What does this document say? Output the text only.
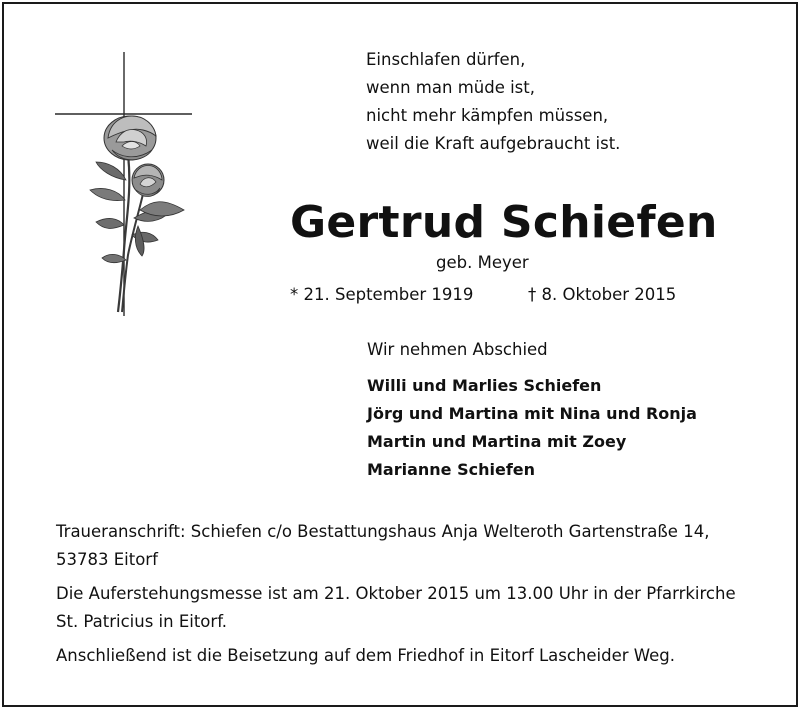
Einschlafen dürfen,
wenn man müde ist,
nicht mehr kämpfen müssen,
weil die Kraft aufgebraucht ist.
Gertrud Schiefen
geb. Meyer
* 21. September 1919	† 8. Oktober 2015
Wir nehmen Abschied
Willi und Marlies Schiefen
Jörg und Martina mit Nina und Ronja
Martin und Martina mit Zoey
Marianne Schiefen

Traueranschrift: Schiefen c/o Bestattungshaus Anja Welteroth Gartenstraße 14,
53783 Eitorf

Die Auferstehungsmesse ist am 21. Oktober 2015 um 13.00 Uhr in der Pfarrkirche
St. Patricius in Eitorf.

Anschließend ist die Beisetzung auf dem Friedhof in Eitorf Lascheider Weg.
